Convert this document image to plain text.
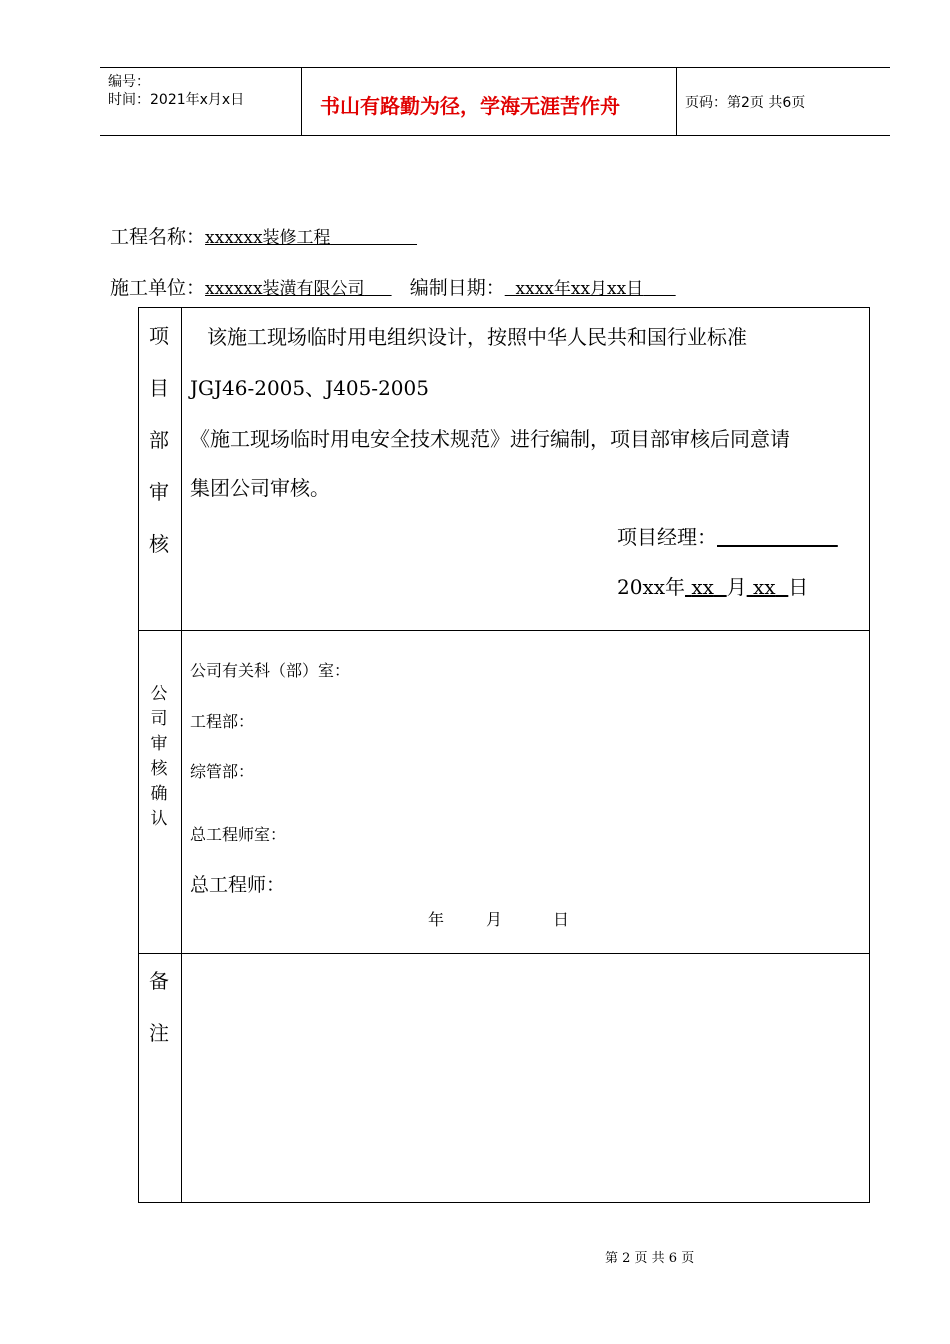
编号：
时间：2021年x月x日	书山有路勤为径，学海无涯苦作舟	页码：第2页 共6页
工程名称：xxxxxx装修工程
施工单位：xxxxxx装潢有限公司 编制日期： xxxx年xx月xx日
项
目
部
审
核
该施工现场临时用电组织设计，按照中华人民共和国行业标准
JGJ46-2005、J405-2005
《施工现场临时用电安全技术规范》进行编制，项目部审核后同意请
集团公司审核。
项目经理：
20xx年 xx 月 xx 日
公
司
审
核
确
认
公司有关科（部）室：
工程部：
综管部：
总工程师室：
总工程师：
年	月	日
备
注
第 2 页 共 6 页
